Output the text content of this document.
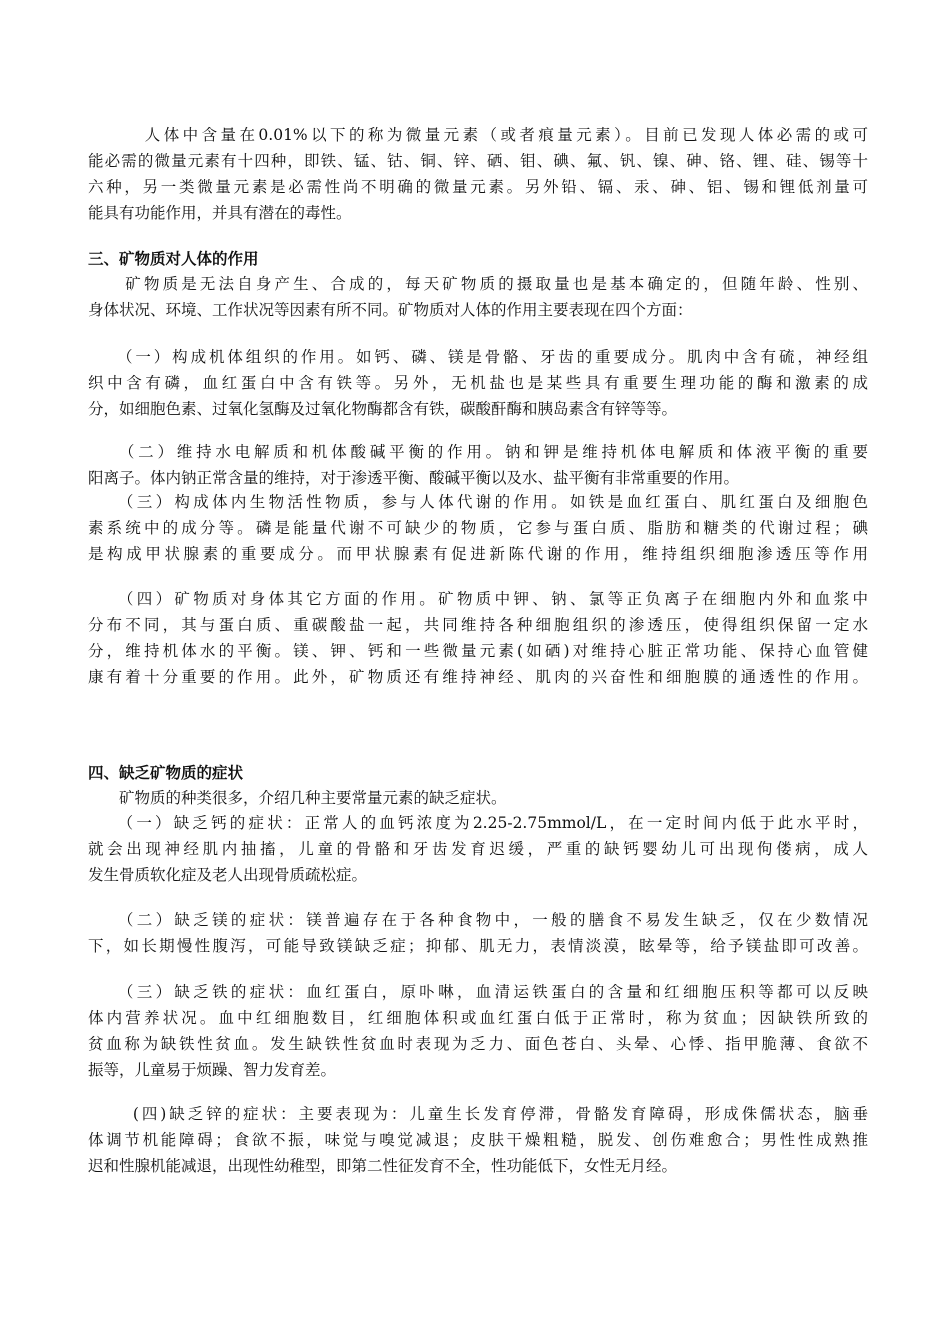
　　　人体中含量在0.01%以下的称为微量元素（或者痕量元素）。目前已发现人体必需的或可
能必需的微量元素有十四种，即铁、锰、钴、铜、锌、硒、钼、碘、氟、钒、镍、砷、铬、锂、硅、锡等十
六种，另一类微量元素是必需性尚不明确的微量元素。另外铅、镉、汞、砷、铝、锡和锂低剂量可
能具有功能作用，并具有潜在的毒性。
三、矿物质对人体的作用
　　矿物质是无法自身产生、合成的，每天矿物质的摄取量也是基本确定的，但随年龄、性别、
身体状况、环境、工作状况等因素有所不同。矿物质对人体的作用主要表现在四个方面：
　　（一）构成机体组织的作用。如钙、磷、镁是骨骼、牙齿的重要成分。肌肉中含有硫，神经组
织中含有磷，血红蛋白中含有铁等。另外，无机盐也是某些具有重要生理功能的酶和激素的成
分，如细胞色素、过氧化氢酶及过氧化物酶都含有铁，碳酸酐酶和胰岛素含有锌等等。
　　（二）维持水电解质和机体酸碱平衡的作用。钠和钾是维持机体电解质和体液平衡的重要
阳离子。体内钠正常含量的维持，对于渗透平衡、酸碱平衡以及水、盐平衡有非常重要的作用。
　　（三）构成体内生物活性物质，参与人体代谢的作用。如铁是血红蛋白、肌红蛋白及细胞色
素系统中的成分等。磷是能量代谢不可缺少的物质，它参与蛋白质、脂肪和糖类的代谢过程；碘
是构成甲状腺素的重要成分。而甲状腺素有促进新陈代谢的作用，维持组织细胞渗透压等作用
　　（四）矿物质对身体其它方面的作用。矿物质中钾、钠、氯等正负离子在细胞内外和血浆中
分布不同，其与蛋白质、重碳酸盐一起，共同维持各种细胞组织的渗透压，使得组织保留一定水
分，维持机体水的平衡。镁、钾、钙和一些微量元素(如硒)对维持心脏正常功能、保持心血管健
康有着十分重要的作用。此外，矿物质还有维持神经、肌肉的兴奋性和细胞膜的通透性的作用。
四、缺乏矿物质的症状
　　矿物质的种类很多，介绍几种主要常量元素的缺乏症状。
　　（一）缺乏钙的症状：正常人的血钙浓度为2.25-2.75mmol/L，在一定时间内低于此水平时，
就会出现神经肌内抽搐，儿童的骨骼和牙齿发育迟缓，严重的缺钙婴幼儿可出现佝偻病，成人
发生骨质软化症及老人出现骨质疏松症。
　　（二）缺乏镁的症状：镁普遍存在于各种食物中，一般的膳食不易发生缺乏，仅在少数情况
下，如长期慢性腹泻，可能导致镁缺乏症；抑郁、肌无力，表情淡漠，眩晕等，给予镁盐即可改善。
　　（三）缺乏铁的症状：血红蛋白，原卟啉，血清运铁蛋白的含量和红细胞压积等都可以反映
体内营养状况。血中红细胞数目，红细胞体积或血红蛋白低于正常时，称为贫血；因缺铁所致的
贫血称为缺铁性贫血。发生缺铁性贫血时表现为乏力、面色苍白、头晕、心悸、指甲脆薄、食欲不
振等，儿童易于烦躁、智力发育差。
　　 (四)缺乏锌的症状：主要表现为：儿童生长发育停滞，骨骼发育障碍，形成侏儒状态，脑垂
体调节机能障碍；食欲不振，味觉与嗅觉减退；皮肤干燥粗糙，脱发、创伤难愈合；男性性成熟推
迟和性腺机能减退，出现性幼稚型，即第二性征发育不全，性功能低下，女性无月经。
